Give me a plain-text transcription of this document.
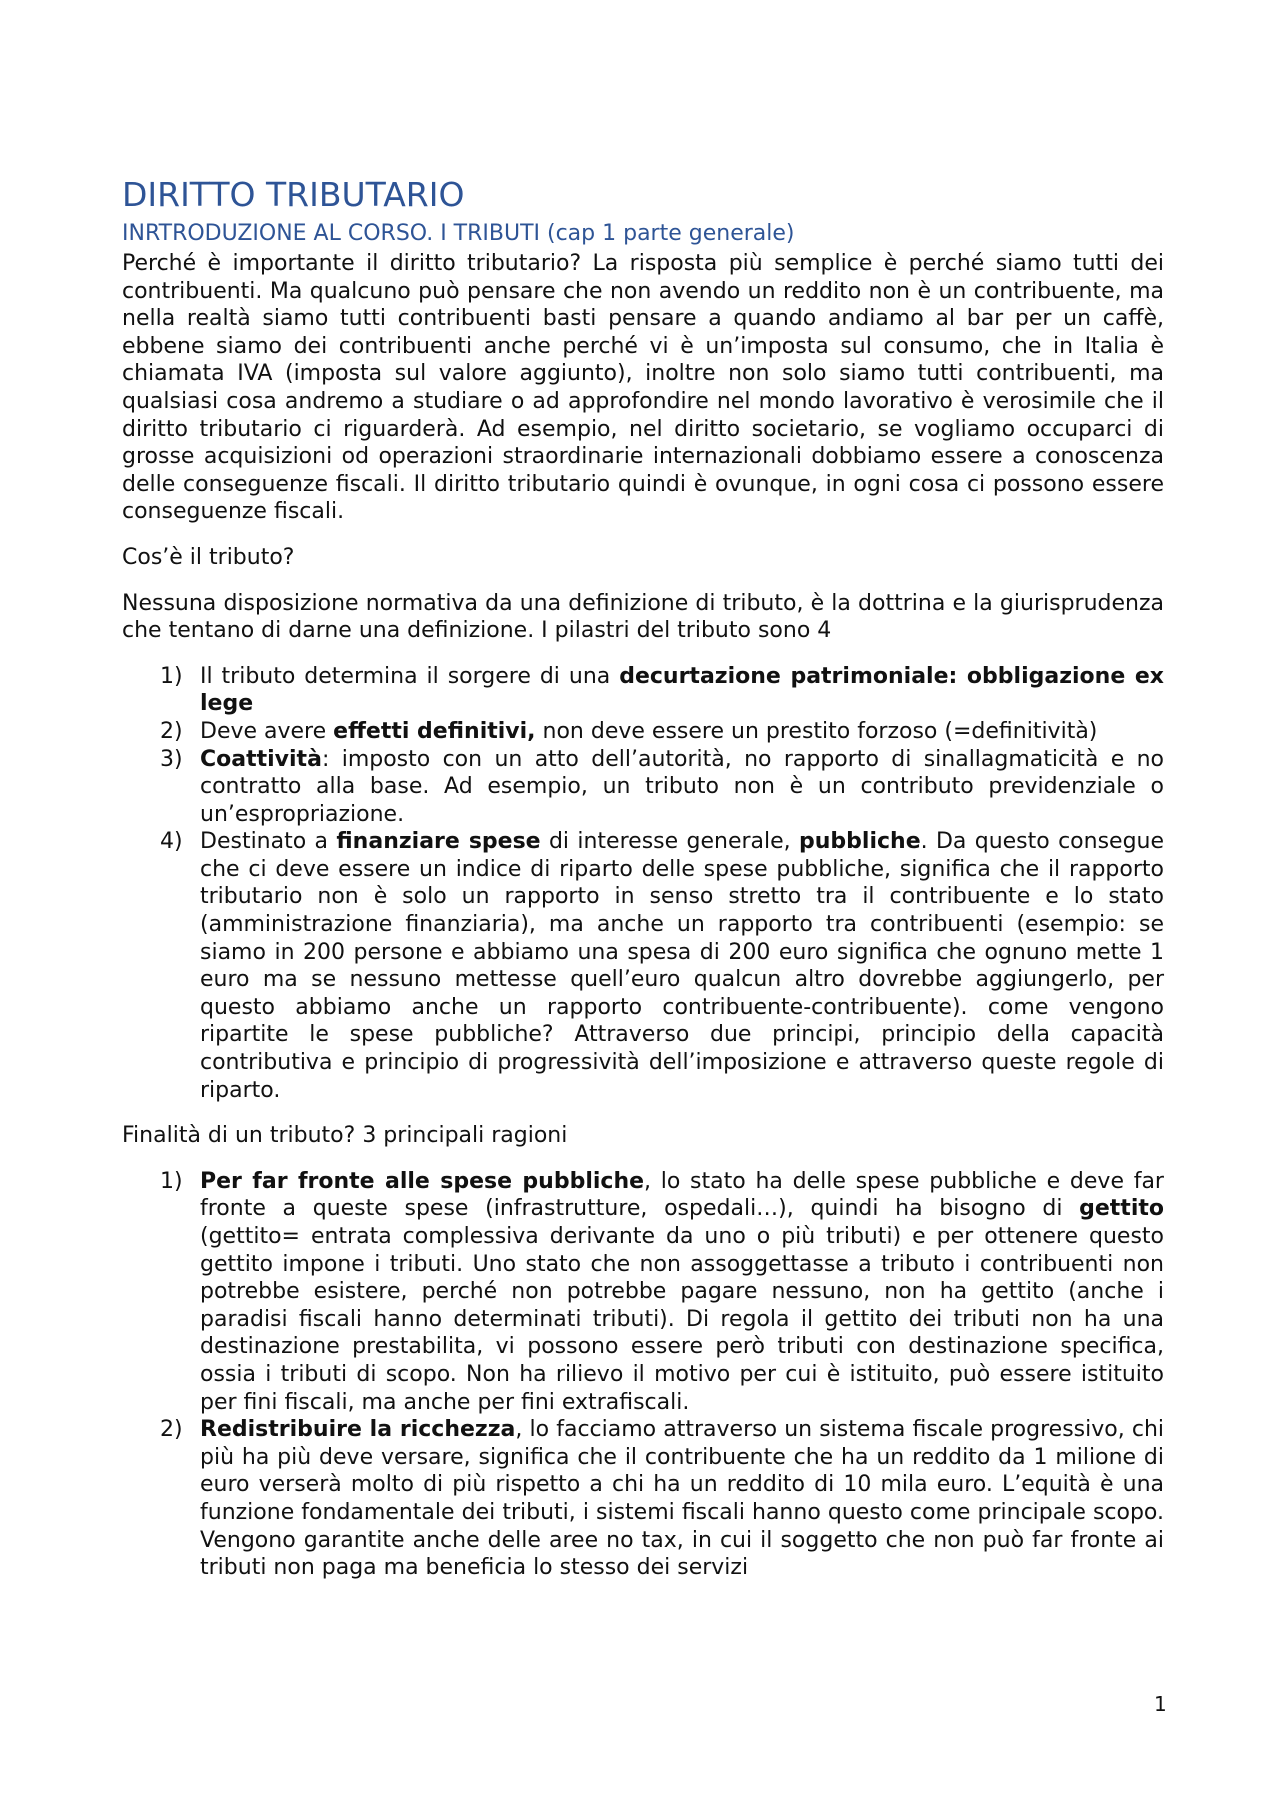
DIRITTO TRIBUTARIO
INRTRODUZIONE AL CORSO. I TRIBUTI (cap 1 parte generale)

Perché è importante il diritto tributario? La risposta più semplice è perché siamo tutti dei contribuenti. Ma qualcuno può pensare che non avendo un reddito non è un contribuente, ma nella realtà siamo tutti contribuenti basti pensare a quando andiamo al bar per un caffè, ebbene siamo dei contribuenti anche perché vi è un’imposta sul consumo, che in Italia è chiamata IVA (imposta sul valore aggiunto), inoltre non solo siamo tutti contribuenti, ma qualsiasi cosa andremo a studiare o ad approfondire nel mondo lavorativo è verosimile che il diritto tributario ci riguarderà. Ad esempio, nel diritto societario, se vogliamo occuparci di grosse acquisizioni od operazioni straordinarie internazionali dobbiamo essere a conoscenza delle conseguenze fiscali. Il diritto tributario quindi è ovunque, in ogni cosa ci possono essere conseguenze fiscali.

Cos’è il tributo?

Nessuna disposizione normativa da una definizione di tributo, è la dottrina e la giurisprudenza che tentano di darne una definizione. I pilastri del tributo sono 4

1) Il tributo determina il sorgere di una decurtazione patrimoniale: obbligazione ex lege
2) Deve avere effetti definitivi, non deve essere un prestito forzoso (=definitività)
3) Coattività: imposto con un atto dell’autorità, no rapporto di sinallagmaticità e no contratto alla base. Ad esempio, un tributo non è un contributo previdenziale o un’espropriazione.
4) Destinato a finanziare spese di interesse generale, pubbliche. Da questo consegue che ci deve essere un indice di riparto delle spese pubbliche, significa che il rapporto tributario non è solo un rapporto in senso stretto tra il contribuente e lo stato (amministrazione finanziaria), ma anche un rapporto tra contribuenti (esempio: se siamo in 200 persone e abbiamo una spesa di 200 euro significa che ognuno mette 1 euro ma se nessuno mettesse quell’euro qualcun altro dovrebbe aggiungerlo, per questo abbiamo anche un rapporto contribuente-contribuente). come vengono ripartite le spese pubbliche? Attraverso due principi, principio della capacità contributiva e principio di progressività dell’imposizione e attraverso queste regole di riparto.

Finalità di un tributo? 3 principali ragioni

1) Per far fronte alle spese pubbliche, lo stato ha delle spese pubbliche e deve far fronte a queste spese (infrastrutture, ospedali…), quindi ha bisogno di gettito (gettito= entrata complessiva derivante da uno o più tributi) e per ottenere questo gettito impone i tributi. Uno stato che non assoggettasse a tributo i contribuenti non potrebbe esistere, perché non potrebbe pagare nessuno, non ha gettito (anche i paradisi fiscali hanno determinati tributi). Di regola il gettito dei tributi non ha una destinazione prestabilita, vi possono essere però tributi con destinazione specifica, ossia i tributi di scopo. Non ha rilievo il motivo per cui è istituito, può essere istituito per fini fiscali, ma anche per fini extrafiscali.
2) Redistribuire la ricchezza, lo facciamo attraverso un sistema fiscale progressivo, chi più ha più deve versare, significa che il contribuente che ha un reddito da 1 milione di euro verserà molto di più rispetto a chi ha un reddito di 10 mila euro. L’equità è una funzione fondamentale dei tributi, i sistemi fiscali hanno questo come principale scopo. Vengono garantite anche delle aree no tax, in cui il soggetto che non può far fronte ai tributi non paga ma beneficia lo stesso dei servizi
1
